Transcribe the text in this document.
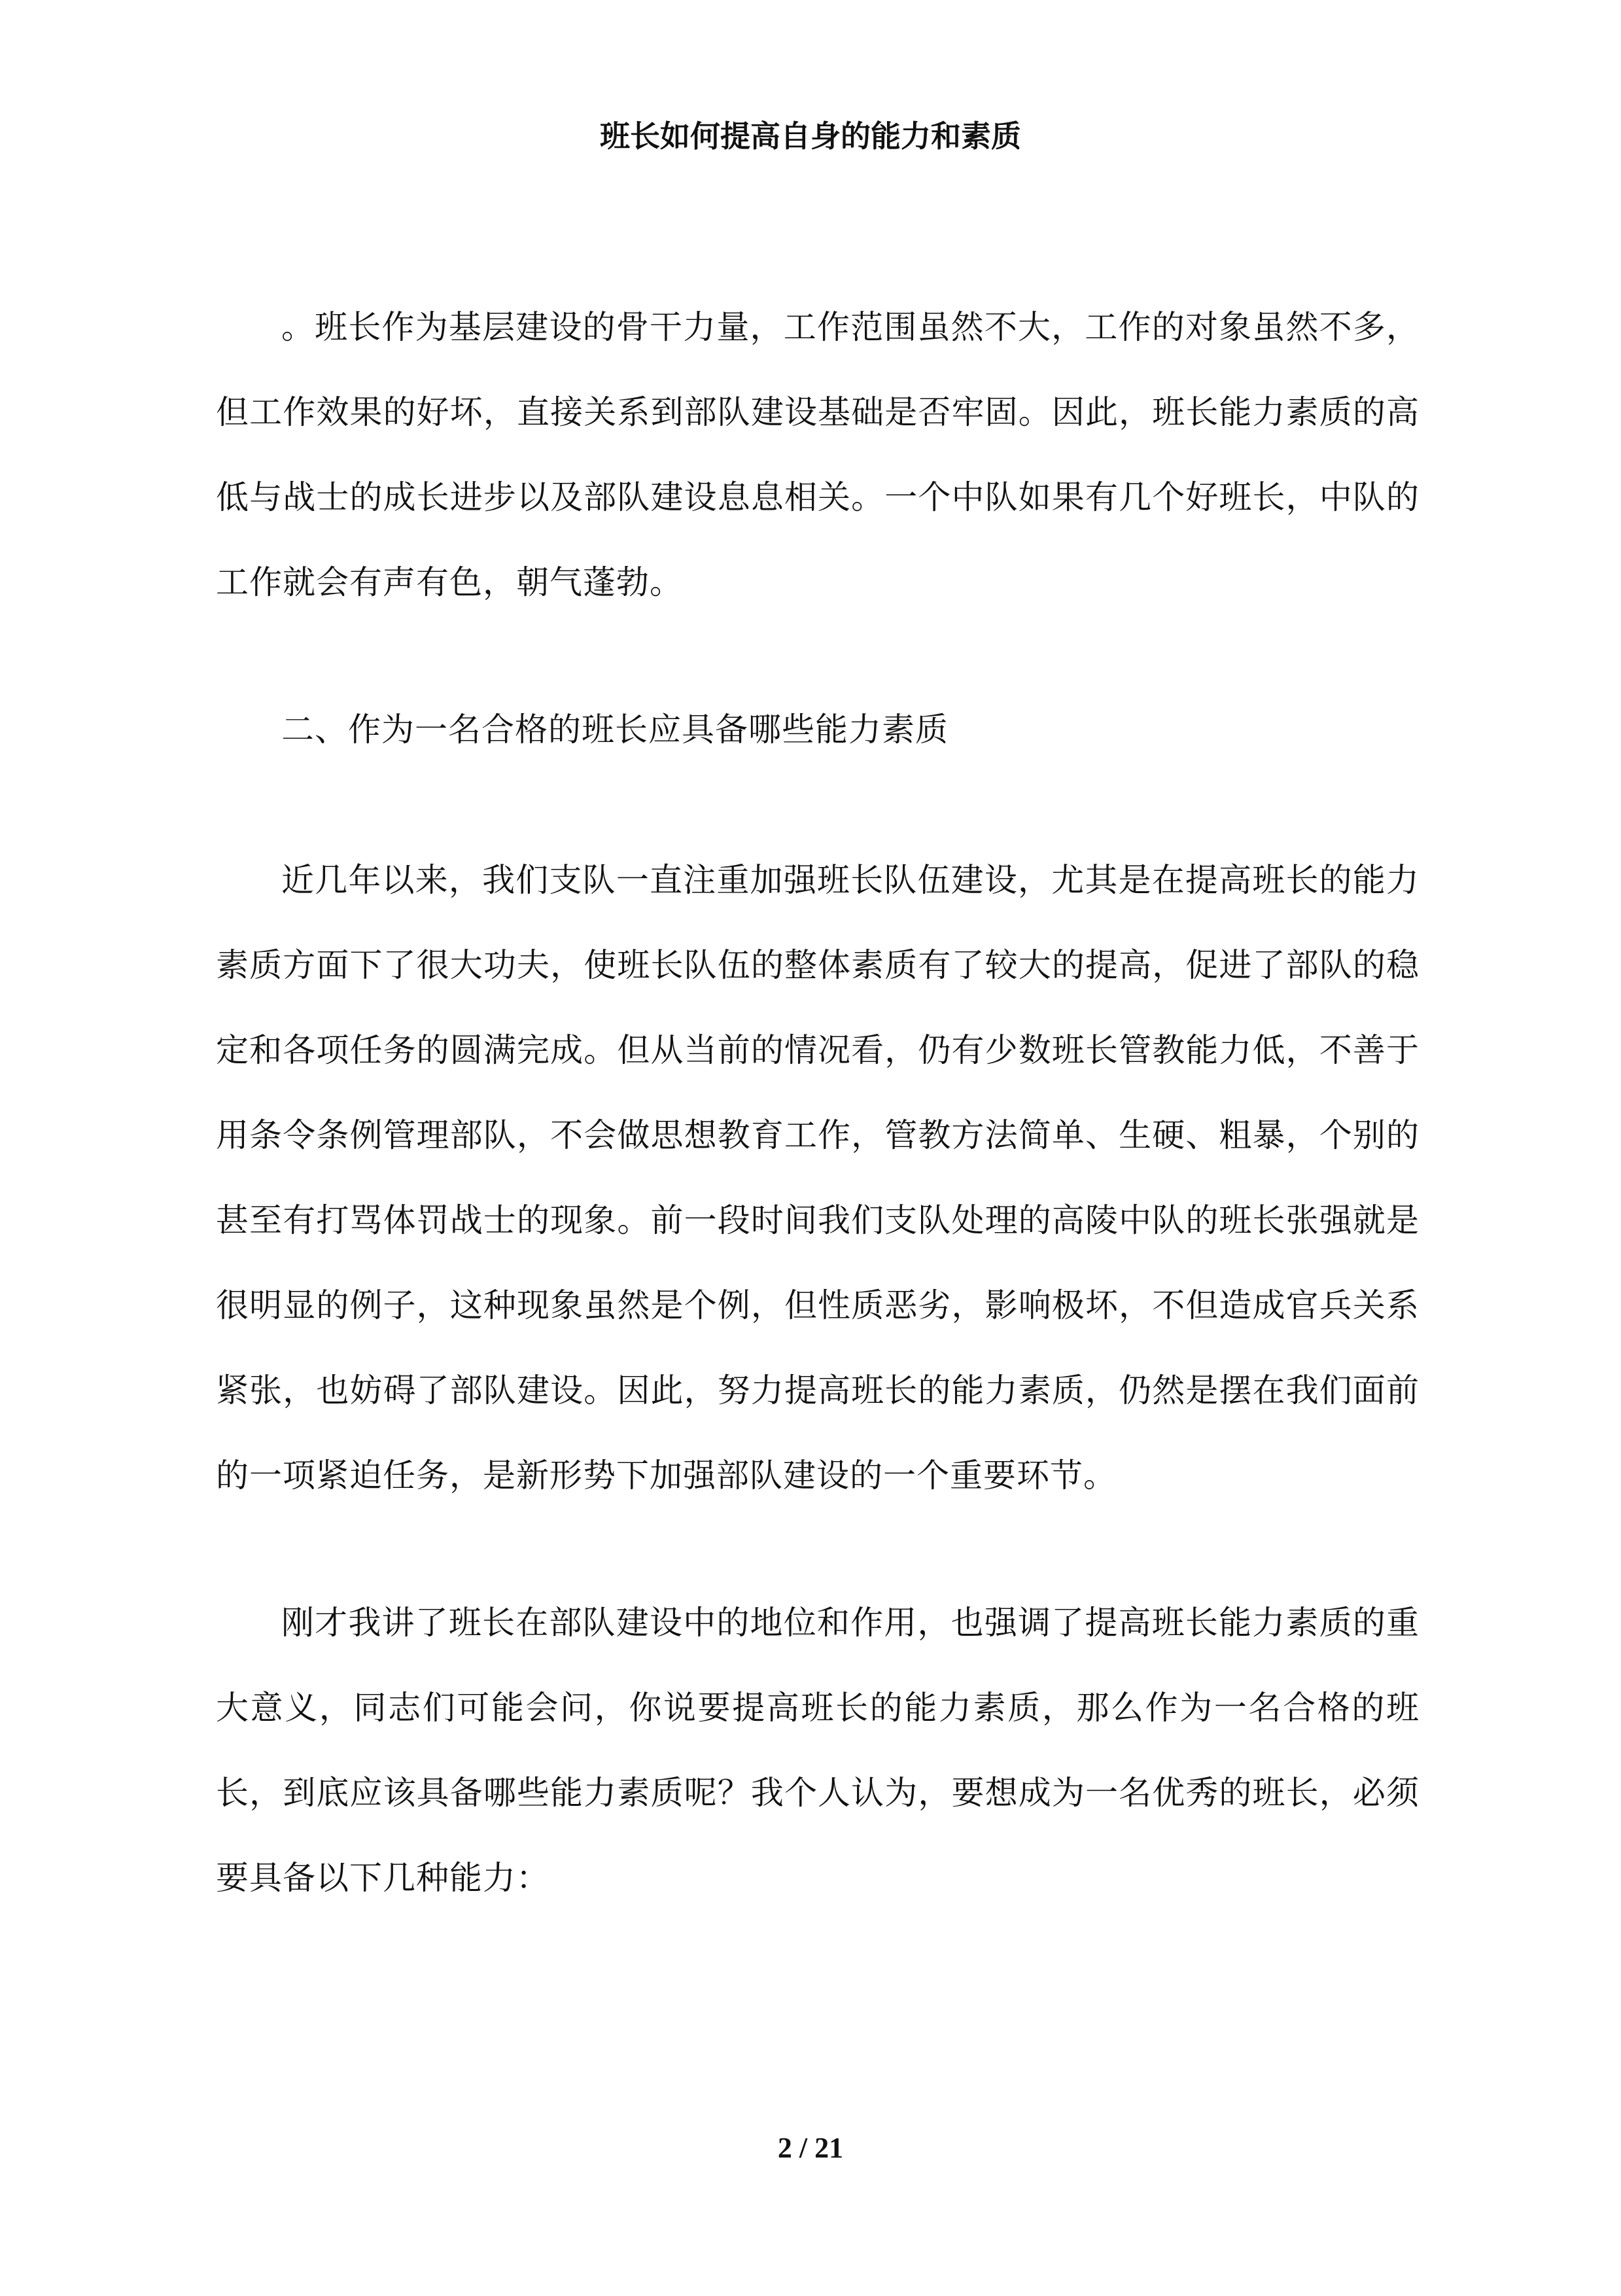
班长如何提高自身的能力和素质

。班长作为基层建设的骨干力量，工作范围虽然不大，工作的对象虽然不多，但工作效果的好坏，直接关系到部队建设基础是否牢固。因此，班长能力素质的高低与战士的成长进步以及部队建设息息相关。一个中队如果有几个好班长，中队的工作就会有声有色，朝气蓬勃。

二、作为一名合格的班长应具备哪些能力素质

近几年以来，我们支队一直注重加强班长队伍建设，尤其是在提高班长的能力素质方面下了很大功夫，使班长队伍的整体素质有了较大的提高，促进了部队的稳定和各项任务的圆满完成。但从当前的情况看，仍有少数班长管教能力低，不善于用条令条例管理部队，不会做思想教育工作，管教方法简单、生硬、粗暴，个别的甚至有打骂体罚战士的现象。前一段时间我们支队处理的高陵中队的班长张强就是很明显的例子，这种现象虽然是个例，但性质恶劣，影响极坏，不但造成官兵关系紧张，也妨碍了部队建设。因此，努力提高班长的能力素质，仍然是摆在我们面前的一项紧迫任务，是新形势下加强部队建设的一个重要环节。

刚才我讲了班长在部队建设中的地位和作用，也强调了提高班长能力素质的重大意义，同志们可能会问，你说要提高班长的能力素质，那么作为一名合格的班长，到底应该具备哪些能力素质呢？我个人认为，要想成为一名优秀的班长，必须要具备以下几种能力：

2 / 21
